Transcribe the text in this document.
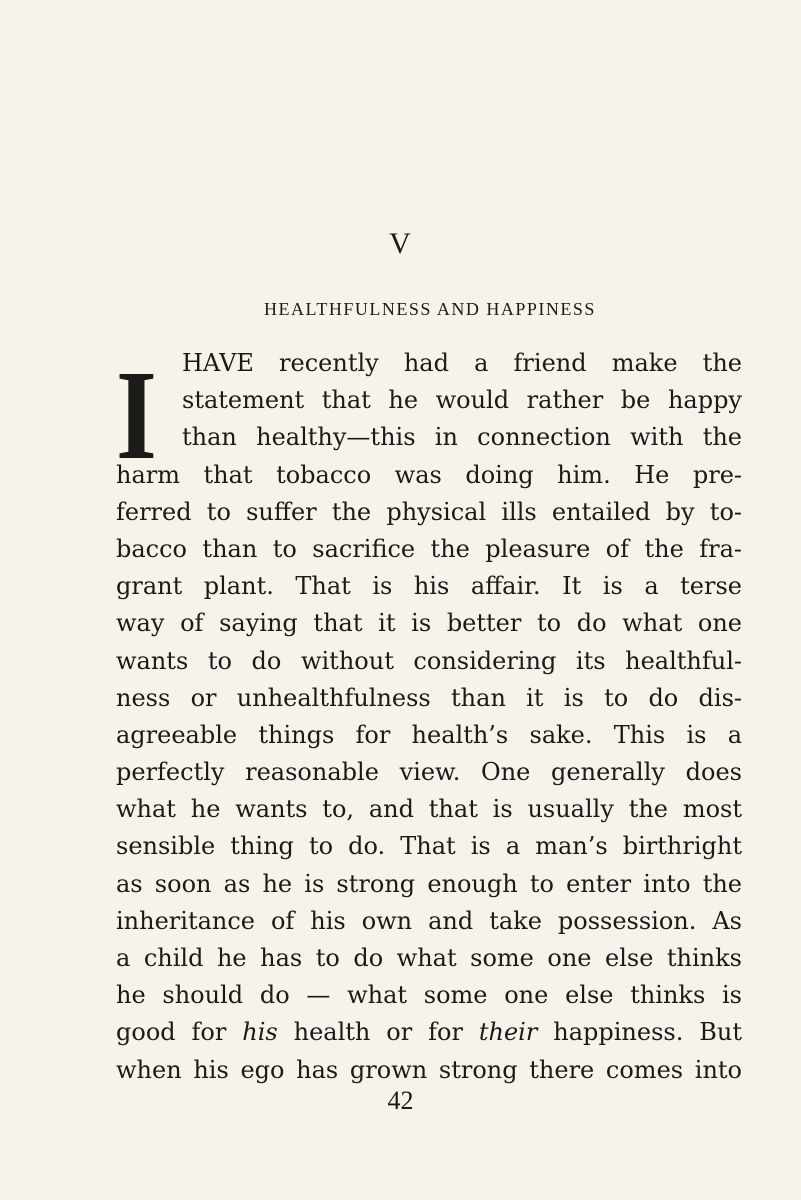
V
HEALTHFULNESS AND HAPPINESS
I	HAVE recently had a friend make the
statement that he would rather be happy
than healthy—this in connection with the
harm that tobacco was doing him. He pre-
ferred to suffer the physical ills entailed by to-
bacco than to sacrifice the pleasure of the fra-
grant plant. That is his affair. It is a terse
way of saying that it is better to do what one
wants to do without considering its healthful-
ness or unhealthfulness than it is to do dis-
agreeable things for health’s sake. This is a
perfectly reasonable view. One generally does
what he wants to, and that is usually the most
sensible thing to do. That is a man’s birthright
as soon as he is strong enough to enter into the
inheritance of his own and take possession. As
a child he has to do what some one else thinks
he should do — what some one else thinks is
good for his health or for their happiness. But
when his ego has grown strong there comes into
42
